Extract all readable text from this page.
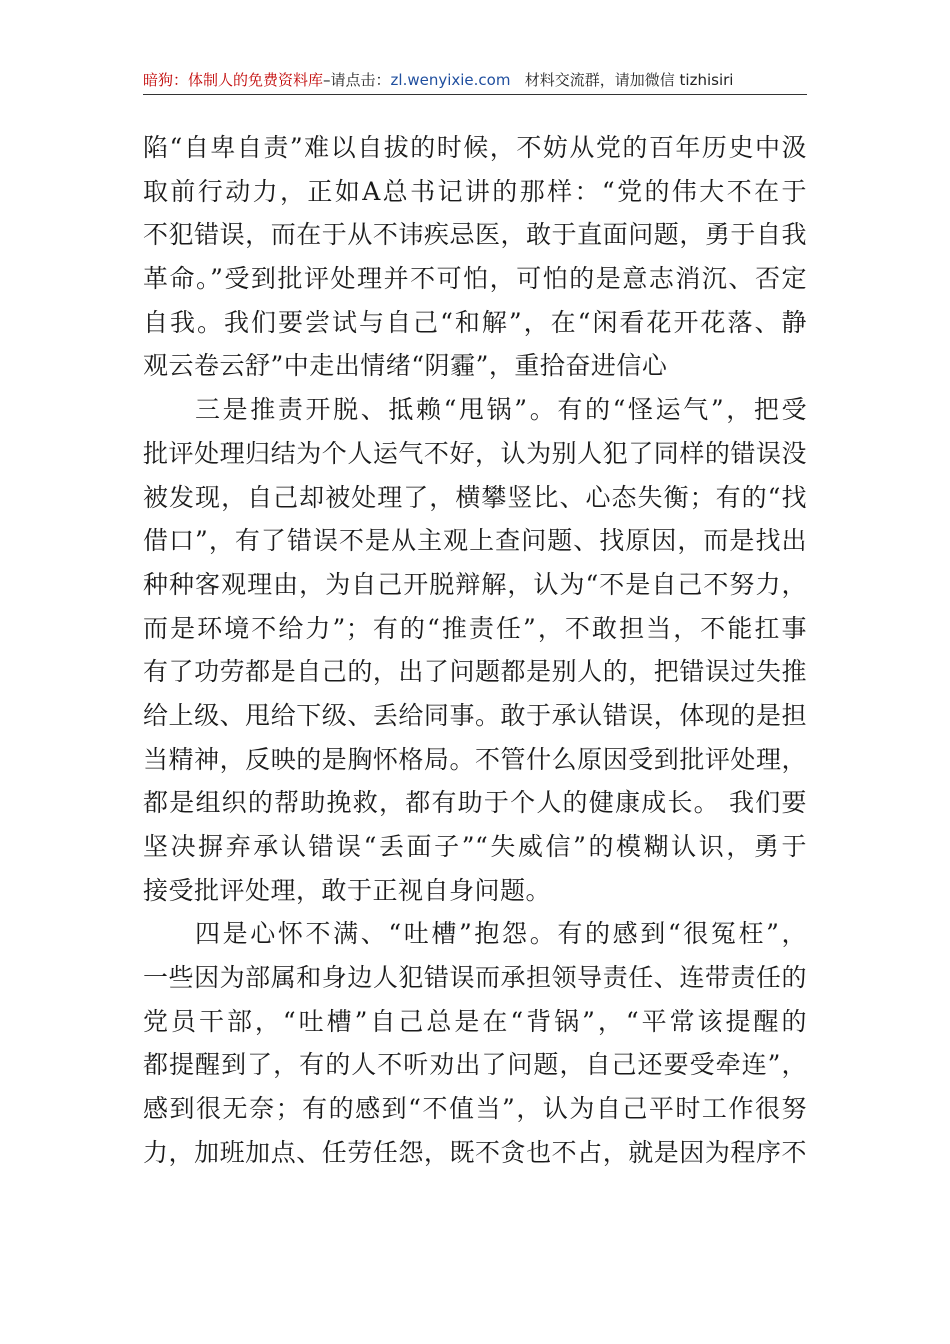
暗狗：体制人的免费资料库–请点击：zl.wenyixie.com 材料交流群，请加微信 tizhisiri
陷“自卑自责”难以自拔的时候，不妨从党的百年历史中汲
取前行动力，正如A总书记讲的那样：“党的伟大不在于
不犯错误，而在于从不讳疾忌医，敢于直面问题，勇于自我
革命。”受到批评处理并不可怕，可怕的是意志消沉、否定
自我。我们要尝试与自己“和解”，在“闲看花开花落、静
观云卷云舒”中走出情绪“阴霾”，重拾奋进信心
三是推责开脱、抵赖“甩锅”。有的“怪运气”，把受
批评处理归结为个人运气不好，认为别人犯了同样的错误没
被发现，自己却被处理了，横攀竖比、心态失衡；有的“找
借口”，有了错误不是从主观上查问题、找原因，而是找出
种种客观理由，为自己开脱辩解，认为“不是自己不努力，
而是环境不给力”；有的“推责任”，不敢担当，不能扛事
有了功劳都是自己的，出了问题都是别人的，把错误过失推
给上级、甩给下级、丢给同事。敢于承认错误，体现的是担
当精神，反映的是胸怀格局。不管什么原因受到批评处理，
都是组织的帮助挽救，都有助于个人的健康成长。 我们要
坚决摒弃承认错误“丢面子”“失威信”的模糊认识，勇于
接受批评处理，敢于正视自身问题。
四是心怀不满、“吐槽”抱怨。有的感到“很冤枉”，
一些因为部属和身边人犯错误而承担领导责任、连带责任的
党员干部，“吐槽”自己总是在“背锅”，“平常该提醒的
都提醒到了，有的人不听劝出了问题，自己还要受牵连”，
感到很无奈；有的感到“不值当”，认为自己平时工作很努
力，加班加点、任劳任怨，既不贪也不占，就是因为程序不
